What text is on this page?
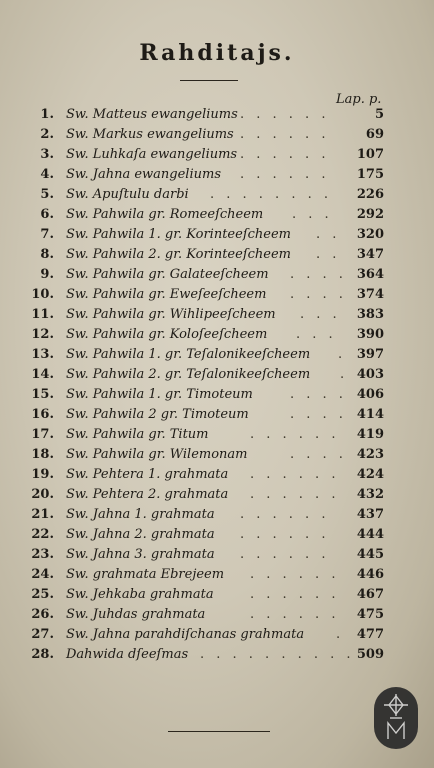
Rahditajs.
Lap. p.
1. Sw. Matteus ewangeliums . . . . . .	5
2. Sw. Markus ewangeliums . . . . . .	69
3. Sw. Luhkaſa ewangeliums . . . . . .	107
4. Sw. Jahna ewangeliums . . . . . .	175
5. Sw. Apuſtulu darbi . . . . . . . .	226
6. Sw. Pahwila gr. Romeeſcheem . . .	292
7. Sw. Pahwila 1. gr. Korinteeſcheem . .	320
8. Sw. Pahwila 2. gr. Korinteeſcheem . .	347
9. Sw. Pahwila gr. Galateeſcheem . . . . 364
10. Sw. Pahwila gr. Eweſeeſcheem . . . . 374
11. Sw. Pahwila gr. Wihlipeeſcheem . . .	383
12. Sw. Pahwila gr. Koloſeeſcheem . . .	390
13. Sw. Pahwila 1. gr. Teſalonikeeſcheem . 397
14. Sw. Pahwila 2. gr. Teſalonikeeſcheem . 403
15. Sw. Pahwila 1. gr. Timoteum	. . . . 406
16. Sw. Pahwila 2 gr. Timoteum	. . . . 414
17. Sw. Pahwila gr. Titum	. . . . . .	419
18. Sw. Pahwila gr. Wilemonam	. . . . 423
19. Sw. Pehtera 1. grahmata . . . . . .	424
20. Sw. Pehtera 2. grahmata . . . . . .	432
21. Sw. Jahna 1. grahmata . . . . . .	437
22. Sw. Jahna 2. grahmata . . . . . .	444
23. Sw. Jahna 3. grahmata . . . . . .	445
24. Sw. grahmata Ebrejeem . . . . . .	446
25. Sw. Jehkaba grahmata	. . . . . .	467
26. Sw. Juhdas grahmata	. . . . . .	475
27. Sw. Jahna parahdiſchanas grahmata . 477
28. Dahwida dſeeſmas . . . . . . . . . . 509
